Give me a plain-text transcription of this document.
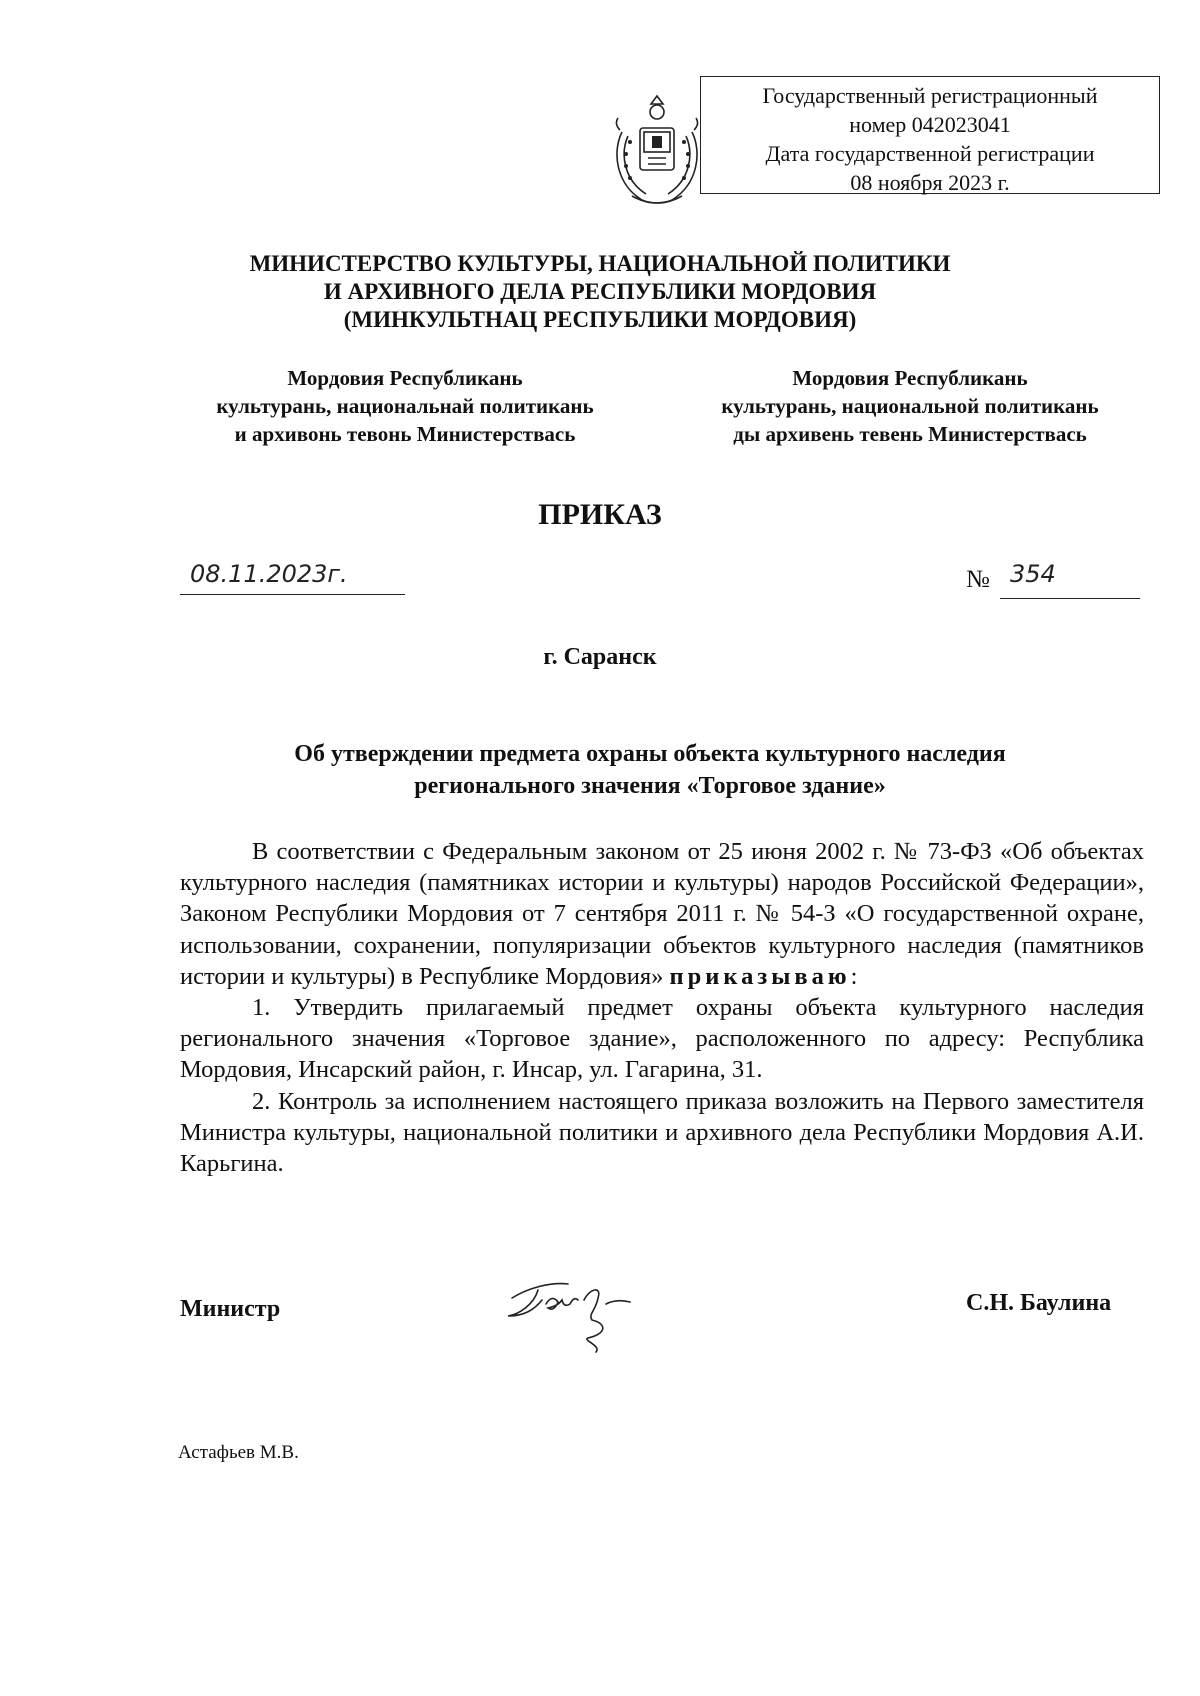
Государственный регистрационный
номер 042023041
Дата государственной регистрации
08 ноября 2023 г.
МИНИСТЕРСТВО КУЛЬТУРЫ, НАЦИОНАЛЬНОЙ ПОЛИТИКИ
И АРХИВНОГО ДЕЛА РЕСПУБЛИКИ МОРДОВИЯ
(МИНКУЛЬТНАЦ РЕСПУБЛИКИ МОРДОВИЯ)
Мордовия Республикань
культурань, национальнай политикань
и архивонь тевонь Министерствась
Мордовия Республикань
культурань, национальной политикань
ды архивень тевень Министерствась
ПРИКАЗ
08.11.2023г.	№ 354
г. Саранск
Об утверждении предмета охраны объекта культурного наследия
регионального значения «Торговое здание»

В соответствии с Федеральным законом от 25 июня 2002 г. № 73-ФЗ «Об объектах культурного наследия (памятниках истории и культуры) народов Российской Федерации», Законом Республики Мордовия от 7 сентября 2011 г. № 54-З «О государственной охране, использовании, сохранении, популяризации объектов культурного наследия (памятников истории и культуры) в Республике Мордовия» приказываю:

1. Утвердить прилагаемый предмет охраны объекта культурного наследия регионального значения «Торговое здание», расположенного по адресу: Республика Мордовия, Инсарский район, г. Инсар, ул. Гагарина, 31.

2. Контроль за исполнением настоящего приказа возложить на Первого заместителя Министра культуры, национальной политики и архивного дела Республики Мордовия А.И. Карьгина.

Министр	С.Н. Баулина
Астафьев М.В.
